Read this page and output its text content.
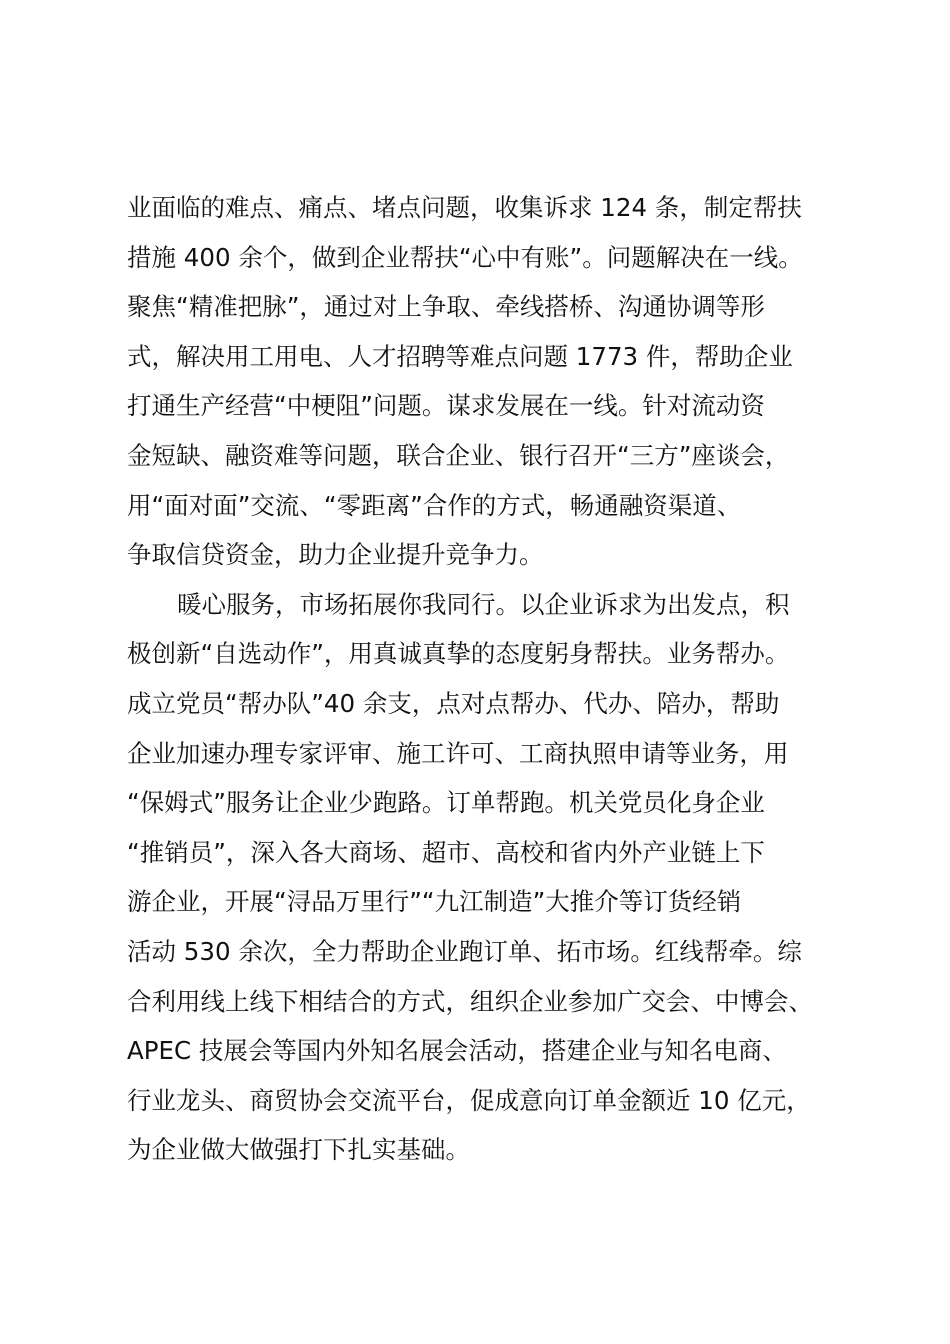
业面临的难点、痛点、堵点问题，收集诉求 124 条，制定帮扶
措施 400 余个，做到企业帮扶“心中有账”。问题解决在一线。
聚焦“精准把脉”，通过对上争取、牵线搭桥、沟通协调等形
式，解决用工用电、人才招聘等难点问题 1773 件，帮助企业
打通生产经营“中梗阻”问题。谋求发展在一线。针对流动资
金短缺、融资难等问题，联合企业、银行召开“三方”座谈会，
用“面对面”交流、“零距离”合作的方式，畅通融资渠道、
争取信贷资金，助力企业提升竞争力。
暖心服务，市场拓展你我同行。以企业诉求为出发点，积
极创新“自选动作”，用真诚真挚的态度躬身帮扶。业务帮办。
成立党员“帮办队”40 余支，点对点帮办、代办、陪办，帮助
企业加速办理专家评审、施工许可、工商执照申请等业务，用
“保姆式”服务让企业少跑路。订单帮跑。机关党员化身企业
“推销员”，深入各大商场、超市、高校和省内外产业链上下
游企业，开展“浔品万里行”“九江制造”大推介等订货经销
活动 530 余次，全力帮助企业跑订单、拓市场。红线帮牵。综
合利用线上线下相结合的方式，组织企业参加广交会、中博会、
APEC 技展会等国内外知名展会活动，搭建企业与知名电商、
行业龙头、商贸协会交流平台，促成意向订单金额近 10 亿元，
为企业做大做强打下扎实基础。
